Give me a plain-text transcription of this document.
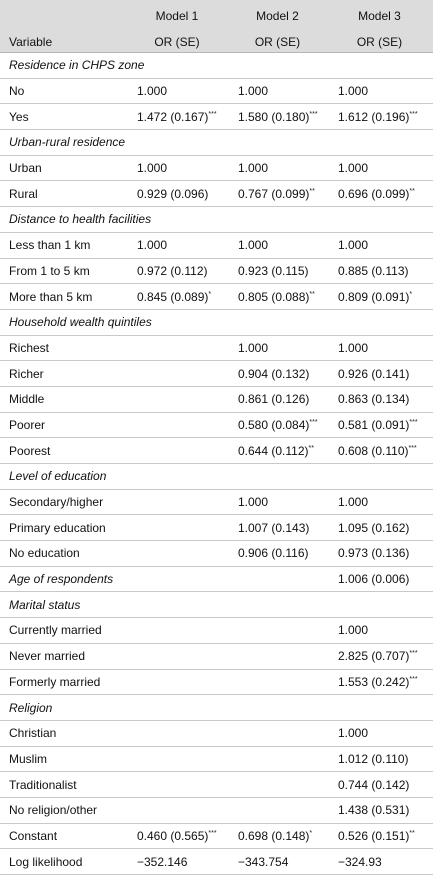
	Model 1	Model 2	Model 3
Variable	OR (SE)	OR (SE)	OR (SE)
Residence in CHPS zone			
No	1.000	1.000	1.000
Yes	1.472 (0.167)***	1.580 (0.180)***	1.612 (0.196)***
Urban-rural residence			
Urban	1.000	1.000	1.000
Rural	0.929 (0.096)	0.767 (0.099)**	0.696 (0.099)**
Distance to health facilities			
Less than 1 km	1.000	1.000	1.000
From 1 to 5 km	0.972 (0.112)	0.923 (0.115)	0.885 (0.113)
More than 5 km	0.845 (0.089)*	0.805 (0.088)**	0.809 (0.091)*
Household wealth quintiles			
Richest		1.000	1.000
Richer		0.904 (0.132)	0.926 (0.141)
Middle		0.861 (0.126)	0.863 (0.134)
Poorer		0.580 (0.084)***	0.581 (0.091)***
Poorest		0.644 (0.112)**	0.608 (0.110)***
Level of education			
Secondary/higher		1.000	1.000
Primary education		1.007 (0.143)	1.095 (0.162)
No education		0.906 (0.116)	0.973 (0.136)
Age of respondents			1.006 (0.006)
Marital status			
Currently married			1.000
Never married			2.825 (0.707)***
Formerly married			1.553 (0.242)***
Religion			
Christian			1.000
Muslim			1.012 (0.110)
Traditionalist			0.744 (0.142)
No religion/other			1.438 (0.531)
Constant	0.460 (0.565)***	0.698 (0.148)*	0.526 (0.151)**
Log likelihood	−352.146	−343.754	−324.93
